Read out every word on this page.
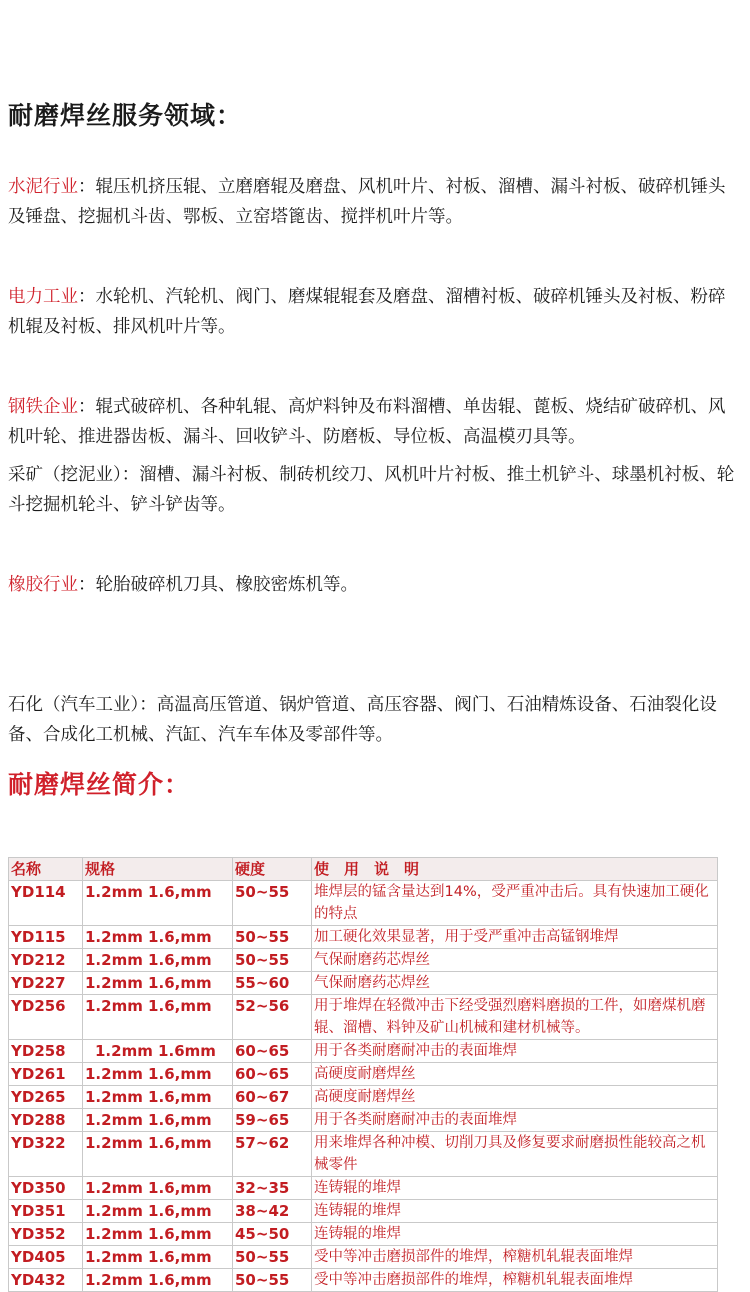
耐磨焊丝服务领域：
水泥行业：辊压机挤压辊、立磨磨辊及磨盘、风机叶片、衬板、溜槽、漏斗衬板、破碎机锤头及锤盘、挖掘机斗齿、鄂板、立窑塔篦齿、搅拌机叶片等。
电力工业：水轮机、汽轮机、阀门、磨煤辊辊套及磨盘、溜槽衬板、破碎机锤头及衬板、粉碎机辊及衬板、排风机叶片等。
钢铁企业：辊式破碎机、各种轧辊、高炉料钟及布料溜槽、单齿辊、蓖板、烧结矿破碎机、风机叶轮、推进器齿板、漏斗、回收铲斗、防磨板、导位板、高温模刃具等。
采矿（挖泥业）：溜槽、漏斗衬板、制砖机绞刀、风机叶片衬板、推土机铲斗、球墨机衬板、轮斗挖掘机轮斗、铲斗铲齿等。
橡胶行业：轮胎破碎机刀具、橡胶密炼机等。
石化（汽车工业）：高温高压管道、锅炉管道、高压容器、阀门、石油精炼设备、石油裂化设备、合成化工机械、汽缸、汽车车体及零部件等。
耐磨焊丝简介：
名称	规格	硬度	使　用　说　明
YD114	1.2mm 1.6,mm	50~55	堆焊层的锰含量达到14%，受严重冲击后。具有快速加工硬化的特点
YD115	1.2mm 1.6,mm	50~55	加工硬化效果显著，用于受严重冲击高锰钢堆焊
YD212	1.2mm 1.6,mm	50~55	气保耐磨药芯焊丝
YD227	1.2mm 1.6,mm	55~60	气保耐磨药芯焊丝
YD256	1.2mm 1.6,mm	52~56	用于堆焊在轻微冲击下经受强烈磨料磨损的工件，如磨煤机磨辊、溜槽、料钟及矿山机械和建材机械等。
YD258	1.2mm 1.6mm	60~65	用于各类耐磨耐冲击的表面堆焊
YD261	1.2mm 1.6,mm	60~65	高硬度耐磨焊丝
YD265	1.2mm 1.6,mm	60~67	高硬度耐磨焊丝
YD288	1.2mm 1.6,mm	59~65	用于各类耐磨耐冲击的表面堆焊
YD322	1.2mm 1.6,mm	57~62	用来堆焊各种冲模、切削刀具及修复要求耐磨损性能较高之机械零件
YD350	1.2mm 1.6,mm	32~35	连铸辊的堆焊
YD351	1.2mm 1.6,mm	38~42	连铸辊的堆焊
YD352	1.2mm 1.6,mm	45~50	连铸辊的堆焊
YD405	1.2mm 1.6,mm	50~55	受中等冲击磨损部件的堆焊，榨糖机轧辊表面堆焊
YD432	1.2mm 1.6,mm	50~55	受中等冲击磨损部件的堆焊，榨糖机轧辊表面堆焊
